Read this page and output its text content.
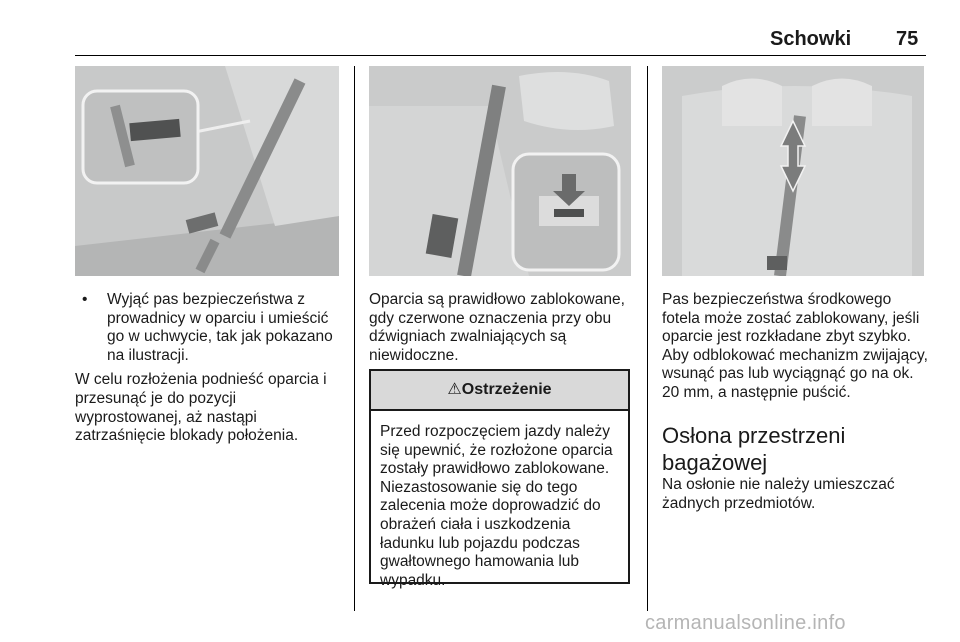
Schowki 75
•	Wyjąć pas bezpieczeństwa z prowadnicy w oparciu i umieścić go w uchwycie, tak jak pokazano na ilustracji.
W celu rozłożenia podnieść oparcia i przesunąć je do pozycji wyprostowanej, aż nastąpi zatrzaśnięcie blokady położenia.
Oparcia są prawidłowo zablokowane, gdy czerwone oznaczenia przy obu dźwigniach zwalniających są niewidoczne.
⚠Ostrzeżenie
Przed rozpoczęciem jazdy należy się upewnić, że rozłożone oparcia zostały prawidłowo zablokowane. Niezastosowanie się do tego zalecenia może doprowadzić do obrażeń ciała i uszkodzenia ładunku lub pojazdu podczas gwałtownego hamowania lub wypadku.
Pas bezpieczeństwa środkowego fotela może zostać zablokowany, jeśli oparcie jest rozkładane zbyt szybko. Aby odblokować mechanizm zwijający, wsunąć pas lub wyciągnąć go na ok. 20 mm, a następnie puścić.
Osłona przestrzeni bagażowej
Na osłonie nie należy umieszczać żadnych przedmiotów.
carmanualsonline.info
